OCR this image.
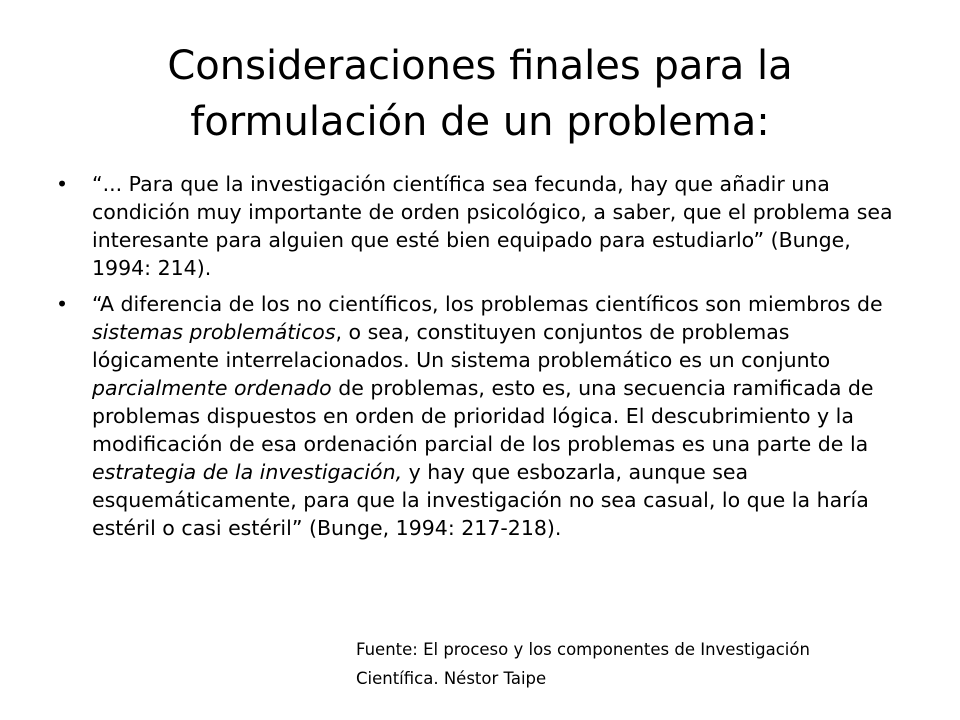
Consideraciones finales para la
formulación de un problema:
•	“... Para que la investigación científica sea fecunda, hay que añadir una condición muy importante de orden psicológico, a saber, que el problema sea interesante para alguien que esté bien equipado para estudiarlo” (Bunge, 1994: 214).
•	“A diferencia de los no científicos, los problemas científicos son miembros de sistemas problemáticos, o sea, constituyen conjuntos de problemas lógicamente interrelacionados. Un sistema problemático es un conjunto parcialmente ordenado de problemas, esto es, una secuencia ramificada de problemas dispuestos en orden de prioridad lógica. El descubrimiento y la modificación de esa ordenación parcial de los problemas es una parte de la estrategia de la investigación, y hay que esbozarla, aunque sea esquemáticamente, para que la investigación no sea casual, lo que la haría estéril o casi estéril” (Bunge, 1994: 217-218).
Fuente: El proceso y los componentes de Investigación
Científica. Néstor Taipe
